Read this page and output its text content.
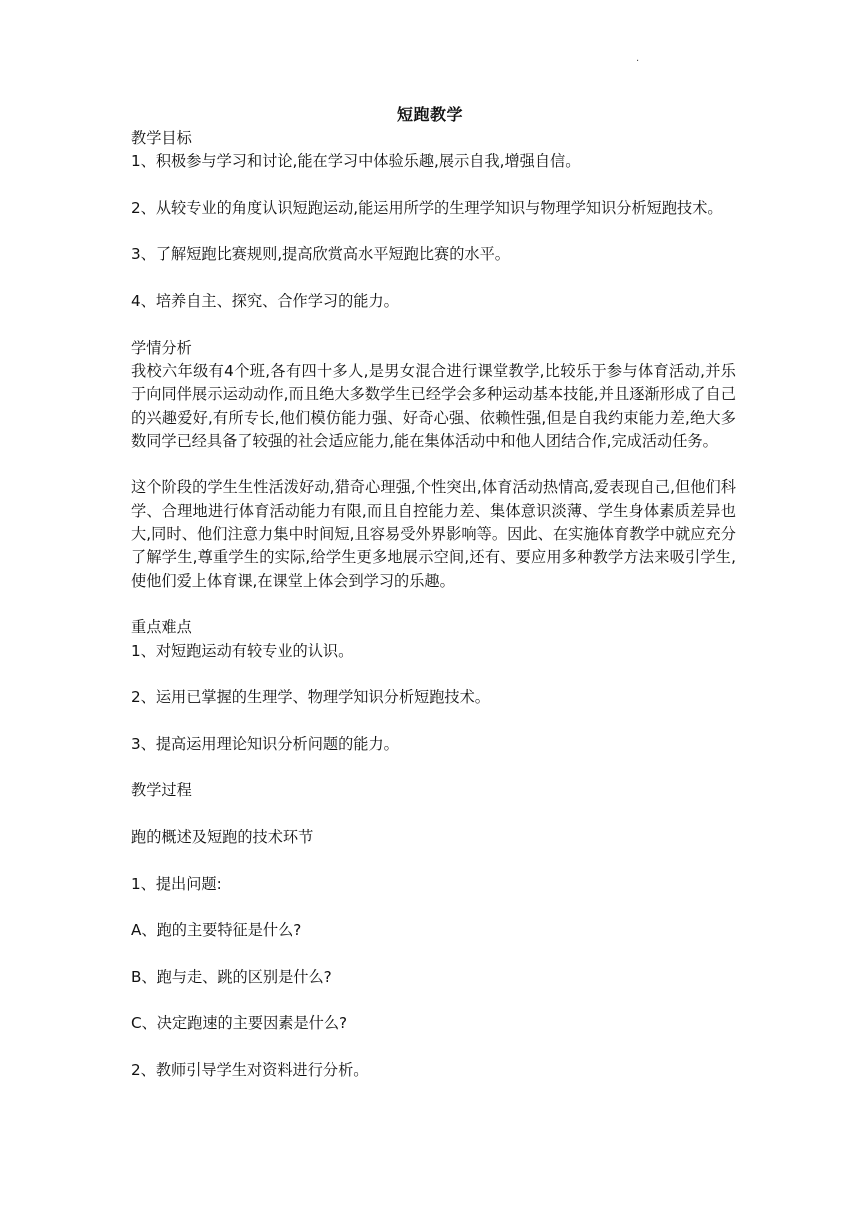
.
短跑教学
教学目标
1、积极参与学习和讨论,能在学习中体验乐趣,展示自我,增强自信。
2、从较专业的角度认识短跑运动,能运用所学的生理学知识与物理学知识分析短跑技术。
3、了解短跑比赛规则,提高欣赏高水平短跑比赛的水平。
4、培养自主、探究、合作学习的能力。
学情分析
我校六年级有4个班,各有四十多人,是男女混合进行课堂教学,比较乐于参与体育活动,并乐于向同伴展示运动动作,而且绝大多数学生已经学会多种运动基本技能,并且逐渐形成了自己的兴趣爱好,有所专长,他们模仿能力强、好奇心强、依赖性强,但是自我约束能力差,绝大多数同学已经具备了较强的社会适应能力,能在集体活动中和他人团结合作,完成活动任务。
这个阶段的学生生性活泼好动,猎奇心理强,个性突出,体育活动热情高,爱表现自己,但他们科学、合理地进行体育活动能力有限,而且自控能力差、集体意识淡薄、学生身体素质差异也大,同时、他们注意力集中时间短,且容易受外界影响等。因此、在实施体育教学中就应充分了解学生,尊重学生的实际,给学生更多地展示空间,还有、要应用多种教学方法来吸引学生,使他们爱上体育课,在课堂上体会到学习的乐趣。
重点难点
1、对短跑运动有较专业的认识。
2、运用已掌握的生理学、物理学知识分析短跑技术。
3、提高运用理论知识分析问题的能力。
教学过程
跑的概述及短跑的技术环节
1、提出问题:
A、跑的主要特征是什么?
B、跑与走、跳的区别是什么?
C、决定跑速的主要因素是什么?
2、教师引导学生对资料进行分析。
